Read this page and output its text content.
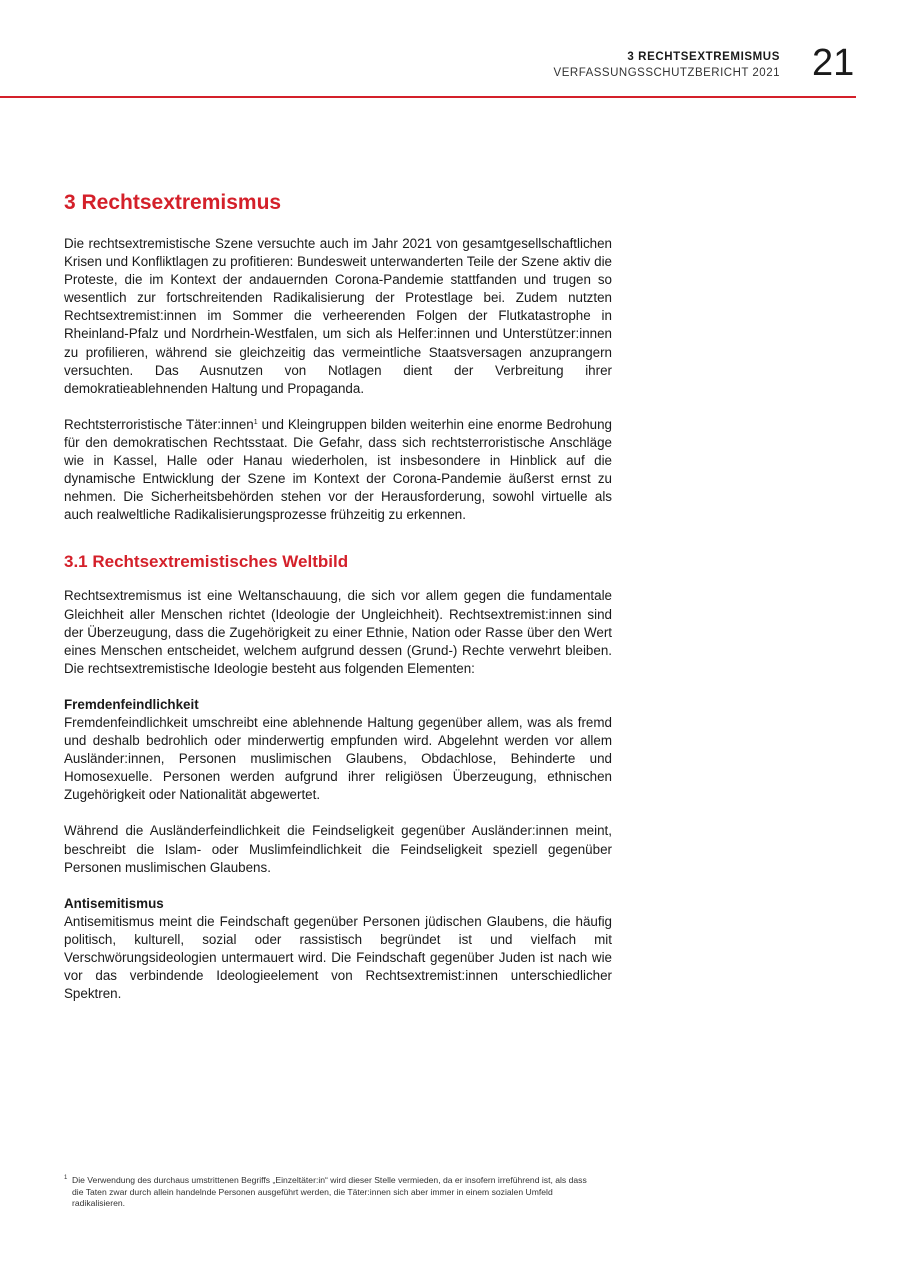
3 RECHTSEXTREMISMUS
VERFASSUNGSSCHUTZBERICHT 2021 21
3 Rechtsextremismus

Die rechtsextremistische Szene versuchte auch im Jahr 2021 von gesamtgesellschaftlichen Krisen und Konfliktlagen zu profitieren: Bundesweit unterwanderten Teile der Szene aktiv die Proteste, die im Kontext der andauernden Corona-Pandemie stattfanden und trugen so wesentlich zur fortschreitenden Radikalisierung der Protestlage bei. Zudem nutzten Rechtsextremist:innen im Sommer die verheerenden Folgen der Flutkatastrophe in Rheinland-Pfalz und Nordrhein-Westfalen, um sich als Helfer:innen und Unterstützer:innen zu profilieren, während sie gleichzeitig das vermeintliche Staatsversagen anzuprangern versuchten. Das Ausnutzen von Notlagen dient der Verbreitung ihrer demokratieablehnenden Haltung und Propaganda.

Rechtsterroristische Täter:innen$^1$ und Kleingruppen bilden weiterhin eine enorme Bedrohung für den demokratischen Rechtsstaat. Die Gefahr, dass sich rechtsterroristische Anschläge wie in Kassel, Halle oder Hanau wiederholen, ist insbesondere in Hinblick auf die dynamische Entwicklung der Szene im Kontext der Corona-Pandemie äußerst ernst zu nehmen. Die Sicherheitsbehörden stehen vor der Herausforderung, sowohl virtuelle als auch realweltliche Radikalisierungsprozesse frühzeitig zu erkennen.

3.1 Rechtsextremistisches Weltbild

Rechtsextremismus ist eine Weltanschauung, die sich vor allem gegen die fundamentale Gleichheit aller Menschen richtet (Ideologie der Ungleichheit). Rechtsextremist:innen sind der Überzeugung, dass die Zugehörigkeit zu einer Ethnie, Nation oder Rasse über den Wert eines Menschen entscheidet, welchem aufgrund dessen (Grund-) Rechte verwehrt bleiben. Die rechtsextremistische Ideologie besteht aus folgenden Elementen:

Fremdenfeindlichkeit

Fremdenfeindlichkeit umschreibt eine ablehnende Haltung gegenüber allem, was als fremd und deshalb bedrohlich oder minderwertig empfunden wird. Abgelehnt werden vor allem Ausländer:innen, Personen muslimischen Glaubens, Obdachlose, Behinderte und Homosexuelle. Personen werden aufgrund ihrer religiösen Überzeugung, ethnischen Zugehörigkeit oder Nationalität abgewertet.

Während die Ausländerfeindlichkeit die Feindseligkeit gegenüber Ausländer:innen meint, beschreibt die Islam- oder Muslimfeindlichkeit die Feindseligkeit speziell gegenüber Personen muslimischen Glaubens.

Antisemitismus

Antisemitismus meint die Feindschaft gegenüber Personen jüdischen Glaubens, die häufig politisch, kulturell, sozial oder rassistisch begründet ist und vielfach mit Verschwörungsideologien untermauert wird. Die Feindschaft gegenüber Juden ist nach wie vor das verbindende Ideologieelement von Rechtsextremist:innen unterschiedlicher Spektren.

1 Die Verwendung des durchaus umstrittenen Begriffs „Einzeltäter:in“ wird dieser Stelle vermieden, da er insofern irreführend ist, als dass die Taten zwar durch allein handelnde Personen ausgeführt werden, die Täter:innen sich aber immer in einem sozialen Umfeld radikalisieren.
